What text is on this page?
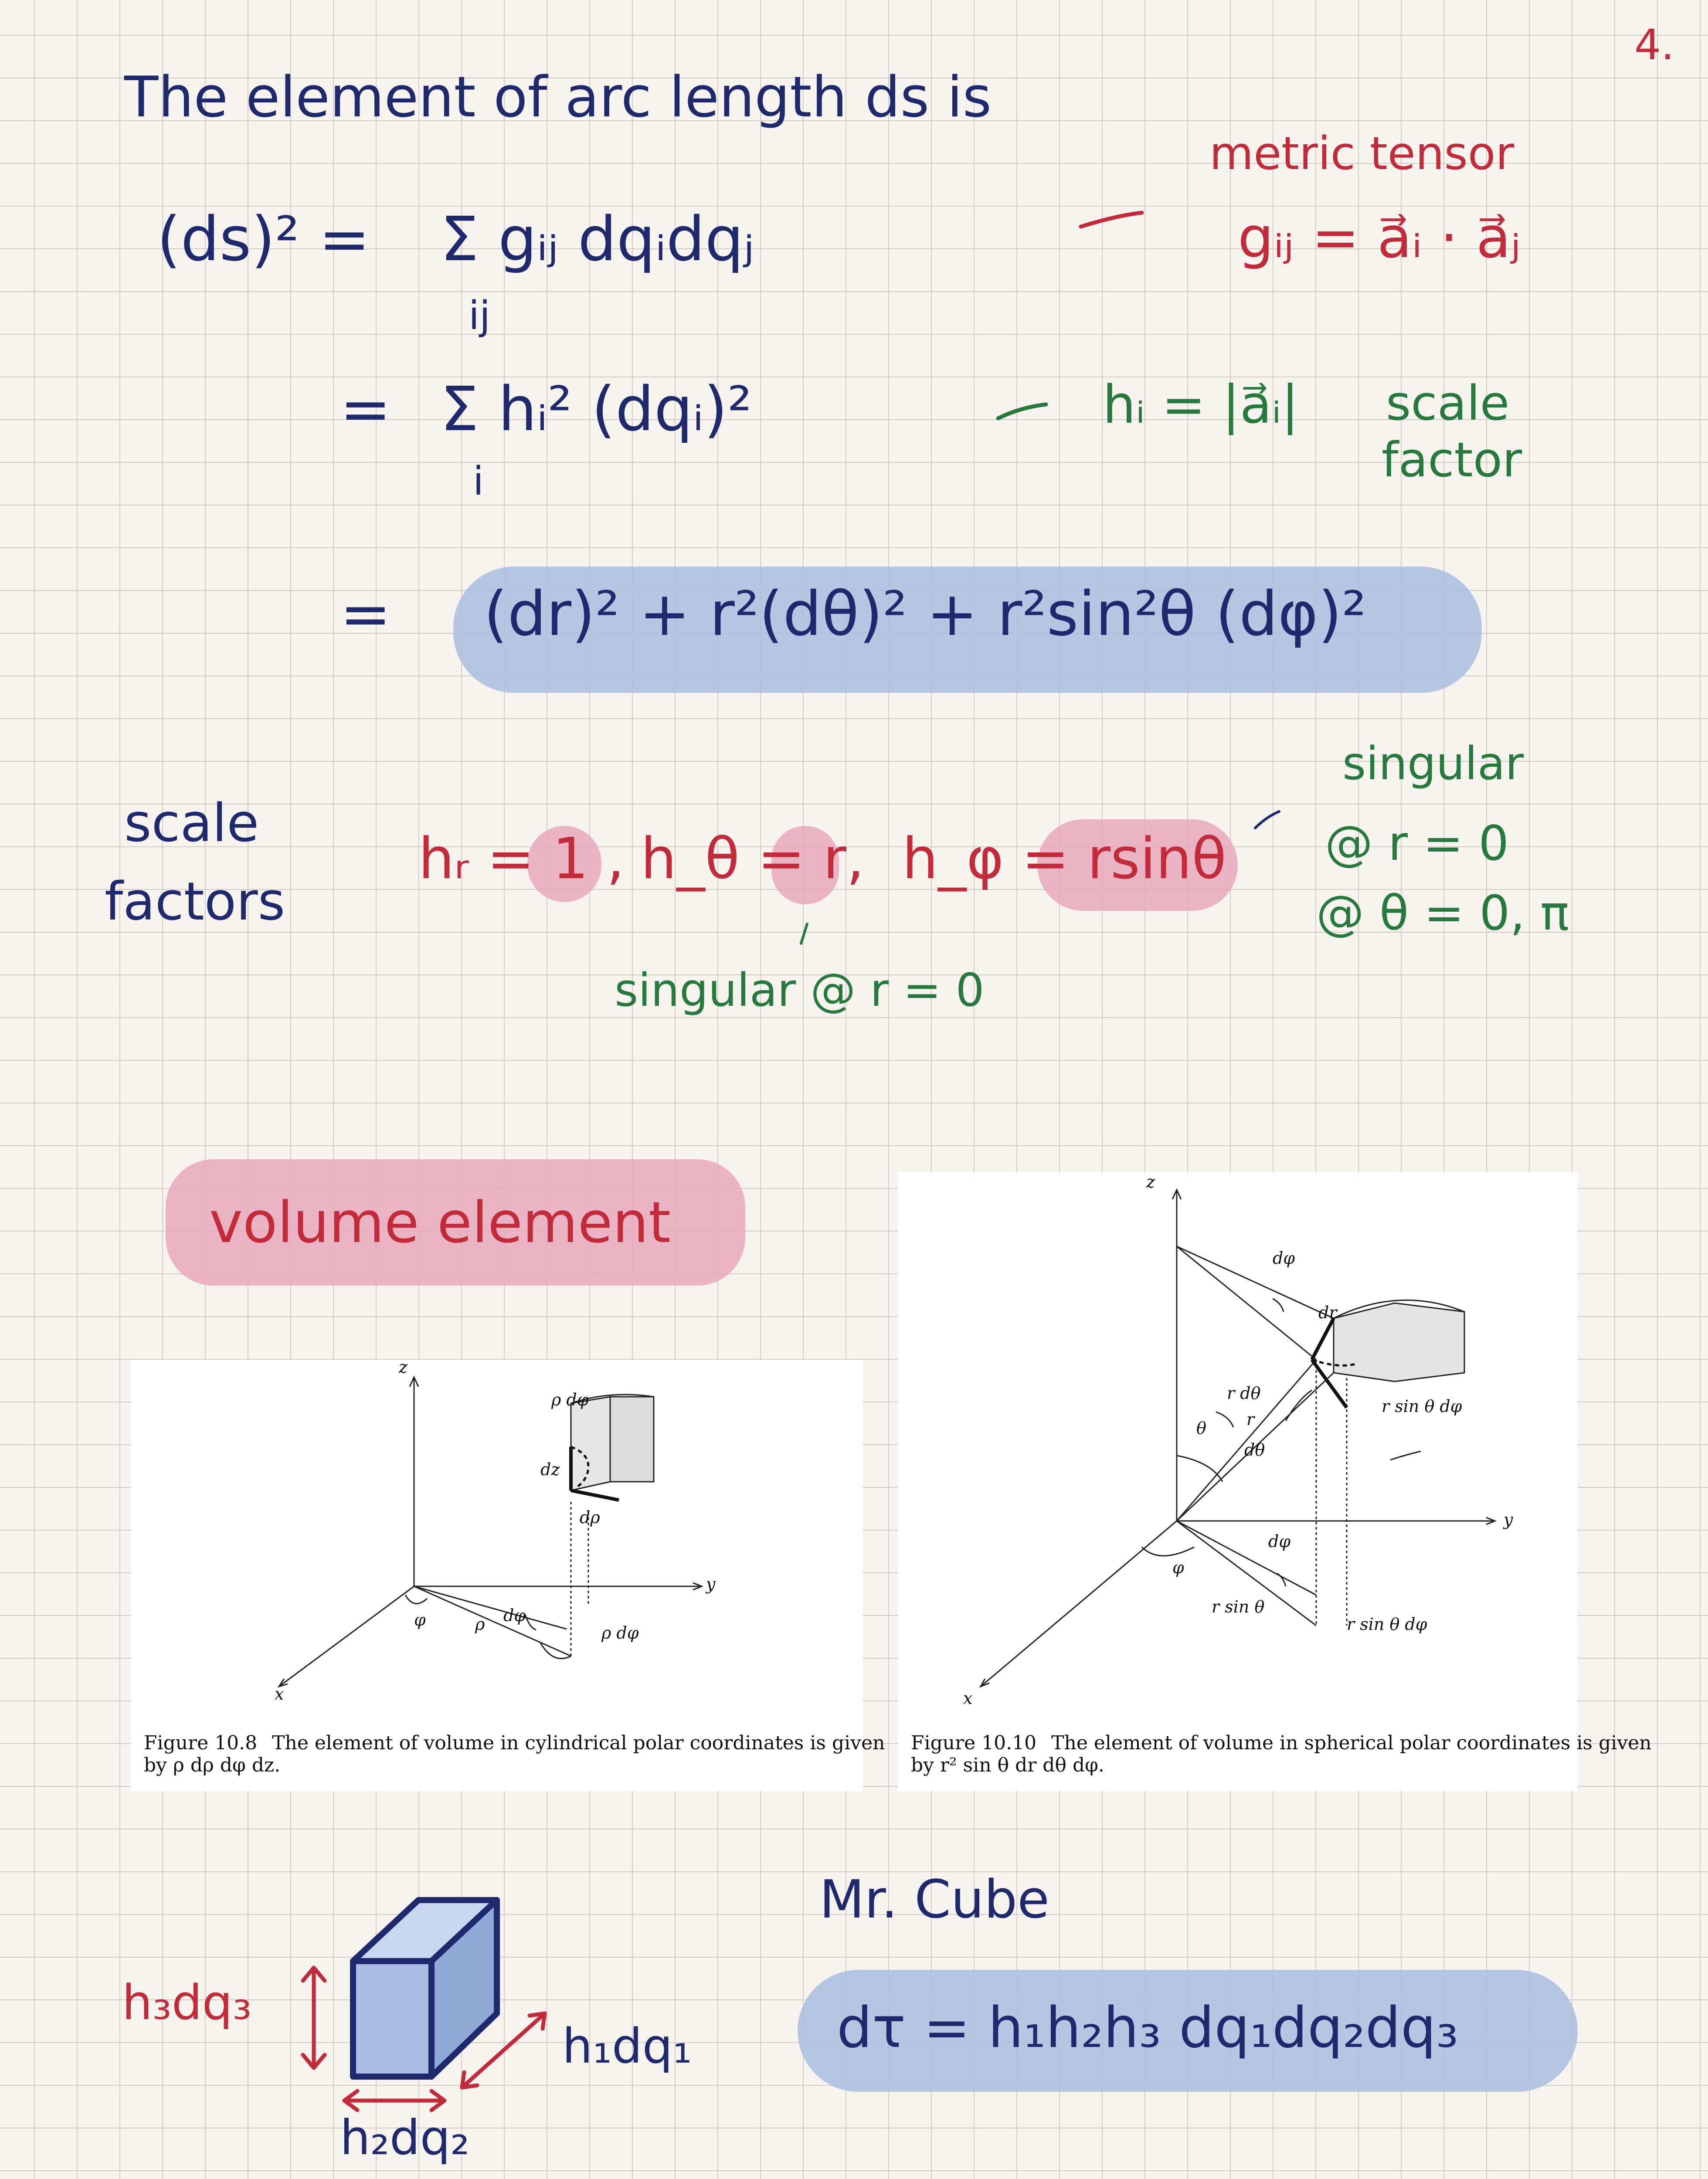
4.
The element of arc length ds is
(ds)² = Σ gᵢⱼ dqᵢdqⱼ
ij
= Σ hᵢ² (dqᵢ)²
i
= (dr)² + r²(dθ)² + r²sin²θ (dφ)²
metric tensor
gᵢⱼ = a⃗ᵢ · a⃗ⱼ
hᵢ = |a⃗ᵢ| scale
factor
scale
factors
hᵣ = 1 , h_θ = r, h_φ = rsinθ
singular
@ r = 0
@ θ = 0, π
singular @ r = 0
volume element
z
y
x
ρ dφ
dz
dρ
φ	ρ dφ
ρ dφ
Figure 10.8 The element of volume in cylindrical polar coordinates is given
by ρ dρ dφ dz.
z
y
x
dφ
dr
r dθ
r
θ
dθ
r sin θ dφ
dφ
φ
r sin θ
r sin θ dφ
Figure 10.10 The element of volume in spherical polar coordinates is given
by r² sin θ dr dθ dφ.
h₃dq₃
h₁dq₁
h₂dq₂
Mr. Cube
dτ = h₁h₂h₃ dq₁dq₂dq₃
